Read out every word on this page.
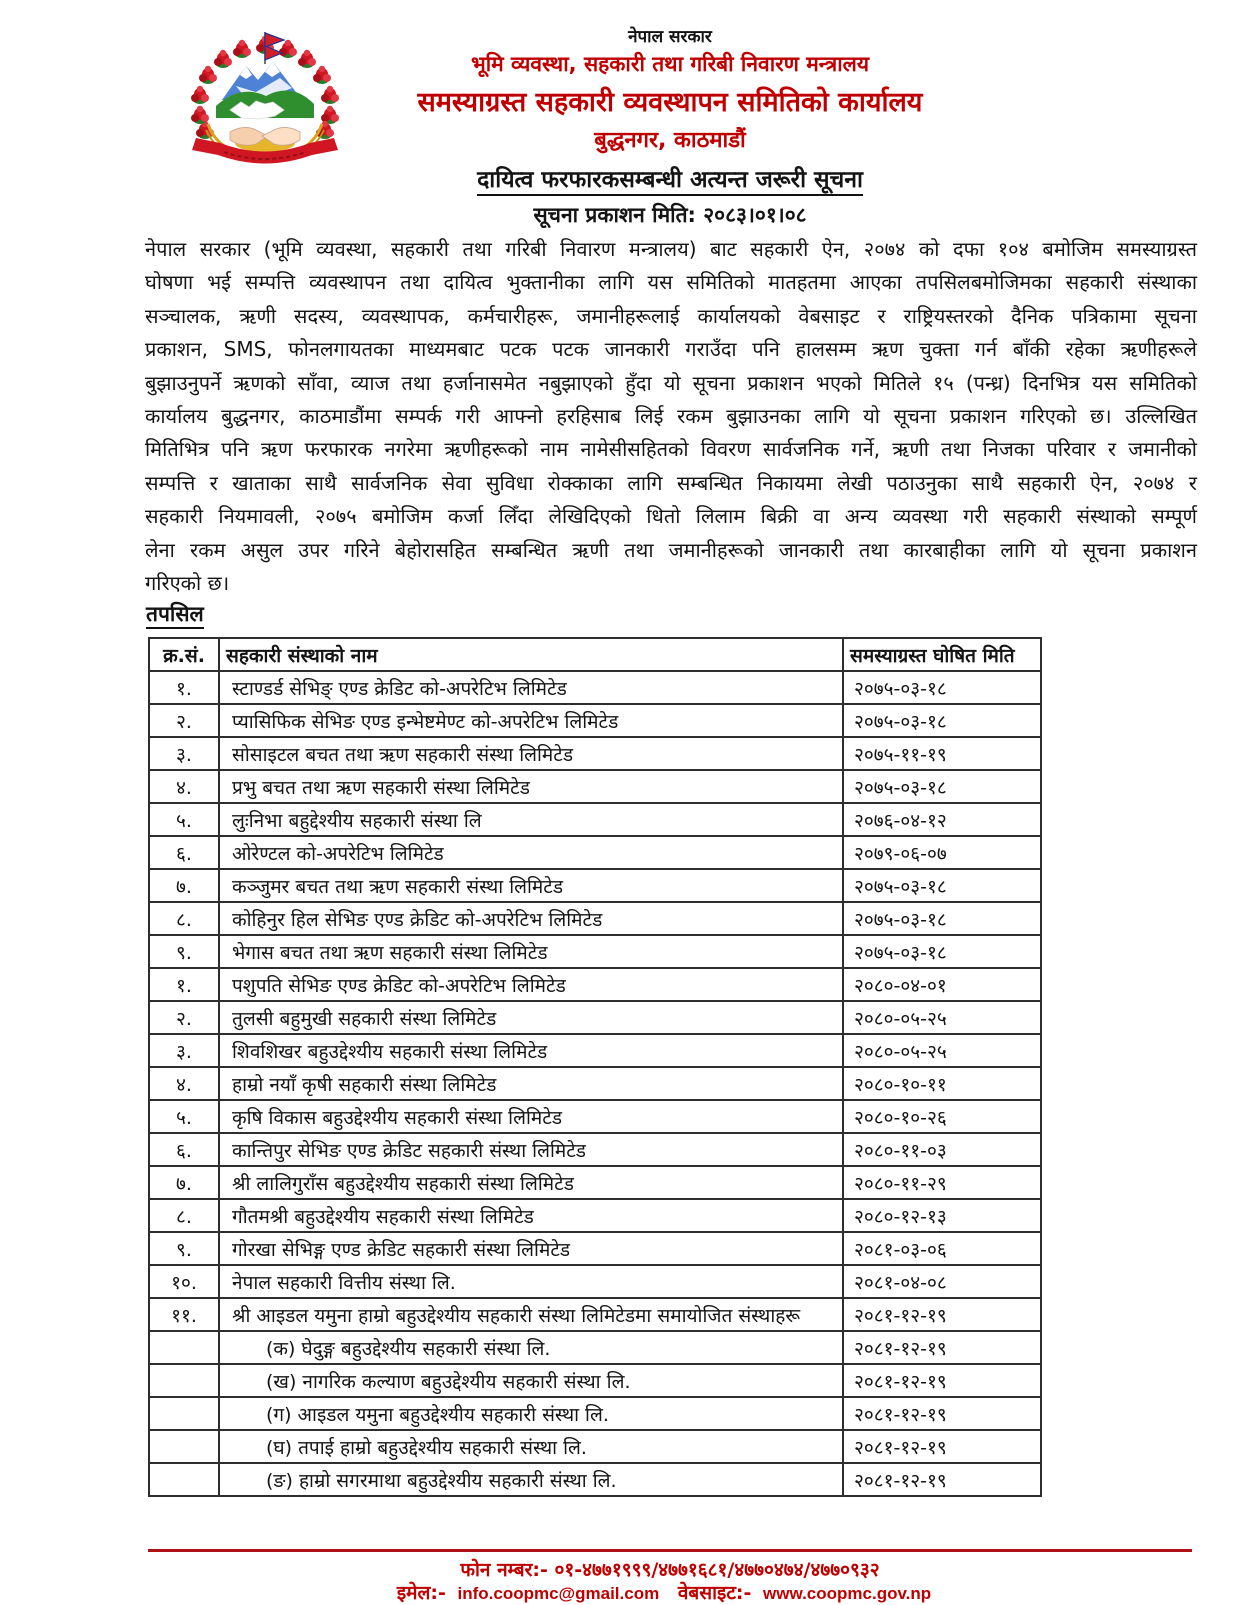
नेपाल सरकार
भूमि व्यवस्था, सहकारी तथा गरिबी निवारण मन्त्रालय
समस्याग्रस्त सहकारी व्यवस्थापन समितिको कार्यालय
बुद्धनगर, काठमाडौं
दायित्व फरफारकसम्बन्धी अत्यन्त जरूरी सूचना
सूचना प्रकाशन मिति: २०८३।०१।०८
नेपाल सरकार (भूमि व्यवस्था, सहकारी तथा गरिबी निवारण मन्त्रालय) बाट सहकारी ऐन, २०७४ को दफा १०४ बमोजिम समस्याग्रस्त
घोषणा भई सम्पत्ति व्यवस्थापन तथा दायित्व भुक्तानीका लागि यस समितिको मातहतमा आएका तपसिलबमोजिमका सहकारी संस्थाका
सञ्चालक, ऋणी सदस्य, व्यवस्थापक, कर्मचारीहरू, जमानीहरूलाई कार्यालयको वेबसाइट र राष्ट्रियस्तरको दैनिक पत्रिकामा सूचना
प्रकाशन, SMS, फोनलगायतका माध्यमबाट पटक पटक जानकारी गराउँदा पनि हालसम्म ऋण चुक्ता गर्न बाँकी रहेका ऋणीहरूले
बुझाउनुपर्ने ऋणको साँवा, व्याज तथा हर्जानासमेत नबुझाएको हुँदा यो सूचना प्रकाशन भएको मितिले १५ (पन्ध्र) दिनभित्र यस समितिको
कार्यालय बुद्धनगर, काठमाडौंमा सम्पर्क गरी आफ्नो हरहिसाब लिई रकम बुझाउनका लागि यो सूचना प्रकाशन गरिएको छ। उल्लिखित
मितिभित्र पनि ऋण फरफारक नगरेमा ऋणीहरूको नाम नामेसीसहितको विवरण सार्वजनिक गर्ने, ऋणी तथा निजका परिवार र जमानीको
सम्पत्ति र खाताका साथै सार्वजनिक सेवा सुविधा रोक्काका लागि सम्बन्धित निकायमा लेखी पठाउनुका साथै सहकारी ऐन, २०७४ र
सहकारी नियमावली, २०७५ बमोजिम कर्जा लिँदा लेखिदिएको धितो लिलाम बिक्री वा अन्य व्यवस्था गरी सहकारी संस्थाको सम्पूर्ण
लेना रकम असुल उपर गरिने बेहोरासहित सम्बन्धित ऋणी तथा जमानीहरूको जानकारी तथा कारबाहीका लागि यो सूचना प्रकाशन
गरिएको छ।
तपसिल
क्र.सं.	सहकारी संस्थाको नाम	समस्याग्रस्त घोषित मिति
१.	स्टाण्डर्ड सेभिङ् एण्ड क्रेडिट को-अपरेटिभ लिमिटेड	२०७५-०३-१८
२.	प्यासिफिक सेभिङ एण्ड इन्भेष्टमेण्ट को-अपरेटिभ लिमिटेड	२०७५-०३-१८
३.	सोसाइटल बचत तथा ऋण सहकारी संस्था लिमिटेड	२०७५-११-१९
४.	प्रभु बचत तथा ऋण सहकारी संस्था लिमिटेड	२०७५-०३-१८
५.	लुःनिभा बहुद्देश्यीय सहकारी संस्था लि	२०७६-०४-१२
६.	ओरेण्टल को-अपरेटिभ लिमिटेड	२०७९-०६-०७
७.	कञ्जुमर बचत तथा ऋण सहकारी संस्था लिमिटेड	२०७५-०३-१८
८.	कोहिनुर हिल सेभिङ एण्ड क्रेडिट को-अपरेटिभ लिमिटेड	२०७५-०३-१८
९.	भेगास बचत तथा ऋण सहकारी संस्था लिमिटेड	२०७५-०३-१८
१.	पशुपति सेभिङ एण्ड क्रेडिट को-अपरेटिभ लिमिटेड	२०८०-०४-०१
२.	तुलसी बहुमुखी सहकारी संस्था लिमिटेड	२०८०-०५-२५
३.	शिवशिखर बहुउद्देश्यीय सहकारी संस्था लिमिटेड	२०८०-०५-२५
४.	हाम्रो नयाँ कृषी सहकारी संस्था लिमिटेड	२०८०-१०-११
५.	कृषि विकास बहुउद्देश्यीय सहकारी संस्था लिमिटेड	२०८०-१०-२६
६.	कान्तिपुर सेभिङ एण्ड क्रेडिट सहकारी संस्था लिमिटेड	२०८०-११-०३
७.	श्री लालिगुराँस बहुउद्देश्यीय सहकारी संस्था लिमिटेड	२०८०-११-२९
८.	गौतमश्री बहुउद्देश्यीय सहकारी संस्था लिमिटेड	२०८०-१२-१३
९.	गोरखा सेभिङ्ग एण्ड क्रेडिट सहकारी संस्था लिमिटेड	२०८१-०३-०६
१०.	नेपाल सहकारी वित्तीय संस्था लि.	२०८१-०४-०८
११.	श्री आइडल यमुना हाम्रो बहुउद्देश्यीय सहकारी संस्था लिमिटेडमा समायोजित संस्थाहरू	२०८१-१२-१९
	(क) घेदुङ्ग बहुउद्देश्यीय सहकारी संस्था लि.	२०८१-१२-१९
	(ख) नागरिक कल्याण बहुउद्देश्यीय सहकारी संस्था लि.	२०८१-१२-१९
	(ग) आइडल यमुना बहुउद्देश्यीय सहकारी संस्था लि.	२०८१-१२-१९
	(घ) तपाई हाम्रो बहुउद्देश्यीय सहकारी संस्था लि.	२०८१-१२-१९
	(ङ) हाम्रो सगरमाथा बहुउद्देश्यीय सहकारी संस्था लि.	२०८१-१२-१९
फोन नम्बर:- ०१-४७७१९९९/४७७१६८१/४७७०४७४/४७७०९३२
इमेल:- info.coopmc@gmail.com वेबसाइट:- www.coopmc.gov.np
